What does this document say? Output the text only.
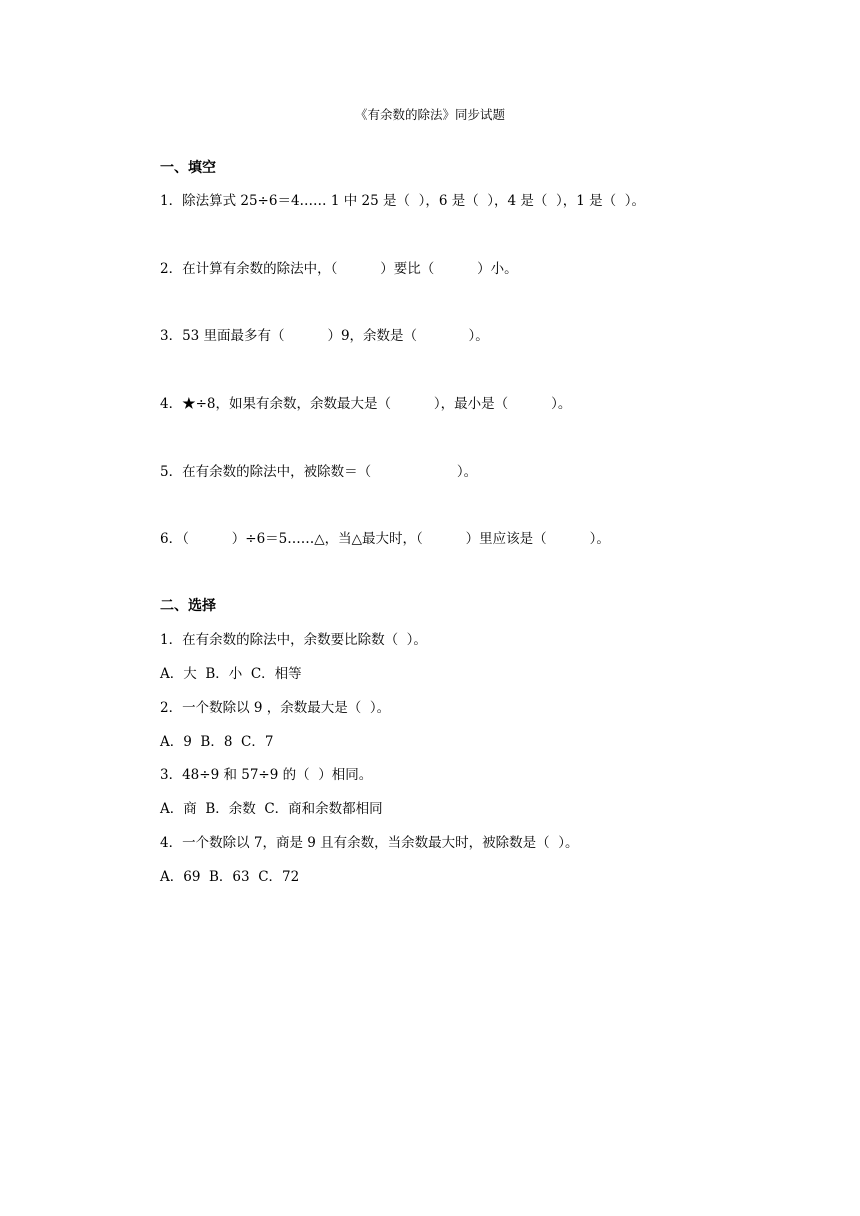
《有余数的除法》同步试题
一、填空
1．除法算式 25÷6＝4…… 1 中 25 是（  ），6 是（  ），4 是（  ），1 是（  ）。
2．在计算有余数的除法中，（          ）要比（          ）小。
3．53 里面最多有（          ）9，余数是（            ）。
4．★÷8，如果有余数，余数最大是（          ），最小是（          ）。
5．在有余数的除法中，被除数＝（                    ）。
6．（          ）÷6＝5……△，当△最大时，（          ）里应该是（          ）。
二、选择
1．在有余数的除法中，余数要比除数（  ）。
A．大  B．小  C．相等
2．一个数除以 9 ，余数最大是（  ）。
A．9  B．8  C．7
3．48÷9 和 57÷9 的（  ）相同。
A．商  B．余数  C．商和余数都相同
4．一个数除以 7，商是 9 且有余数，当余数最大时，被除数是（  ）。
A．69  B．63  C．72
